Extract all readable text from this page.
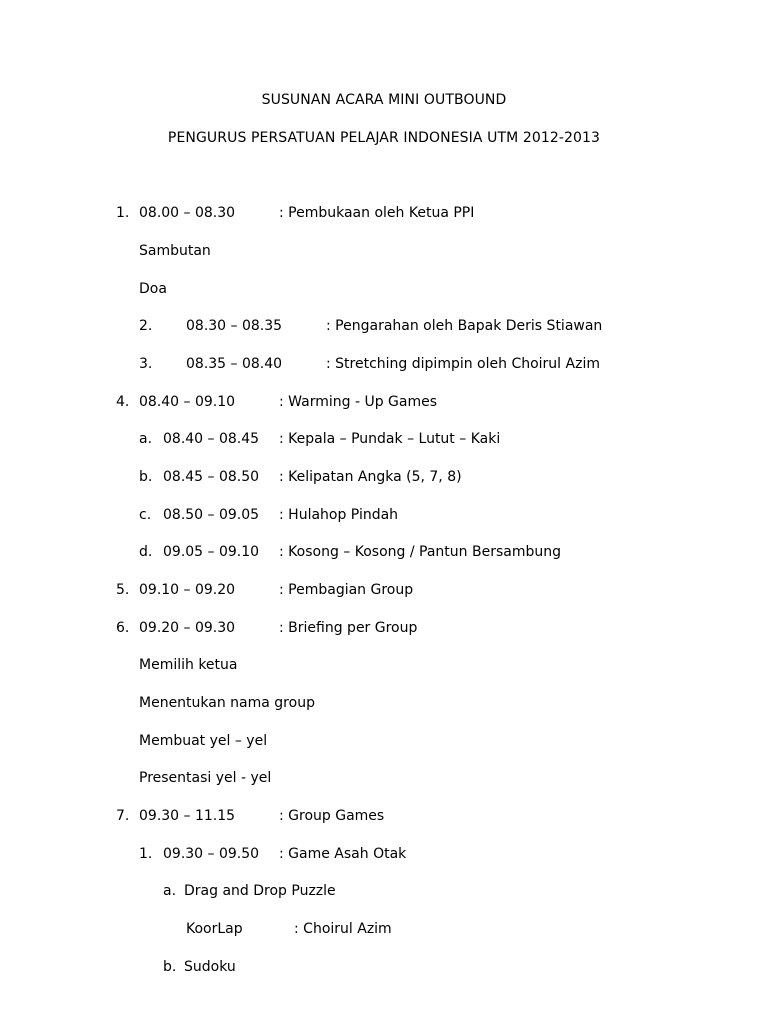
SUSUNAN ACARA MINI OUTBOUND
PENGURUS PERSATUAN PELAJAR INDONESIA UTM 2012-2013
1. 08.00 – 08.30	: Pembukaan oleh Ketua PPI
Sambutan
Doa
2. 08.30 – 08.35	: Pengarahan oleh Bapak Deris Stiawan
3. 08.35 – 08.40	: Stretching dipimpin oleh Choirul Azim
4. 08.40 – 09.10	: Warming - Up Games
a. 08.40 – 08.45 : Kepala – Pundak – Lutut – Kaki
b. 08.45 – 08.50 : Kelipatan Angka (5, 7, 8)
c. 08.50 – 09.05 : Hulahop Pindah
d. 09.05 – 09.10 : Kosong – Kosong / Pantun Bersambung
5. 09.10 – 09.20	: Pembagian Group
6. 09.20 – 09.30	: Briefing per Group
Memilih ketua
Menentukan nama group
Membuat yel – yel
Presentasi yel - yel
7. 09.30 – 11.15	: Group Games
1. 09.30 – 09.50 : Game Asah Otak
a. Drag and Drop Puzzle
KoorLap	: Choirul Azim
b. Sudoku
